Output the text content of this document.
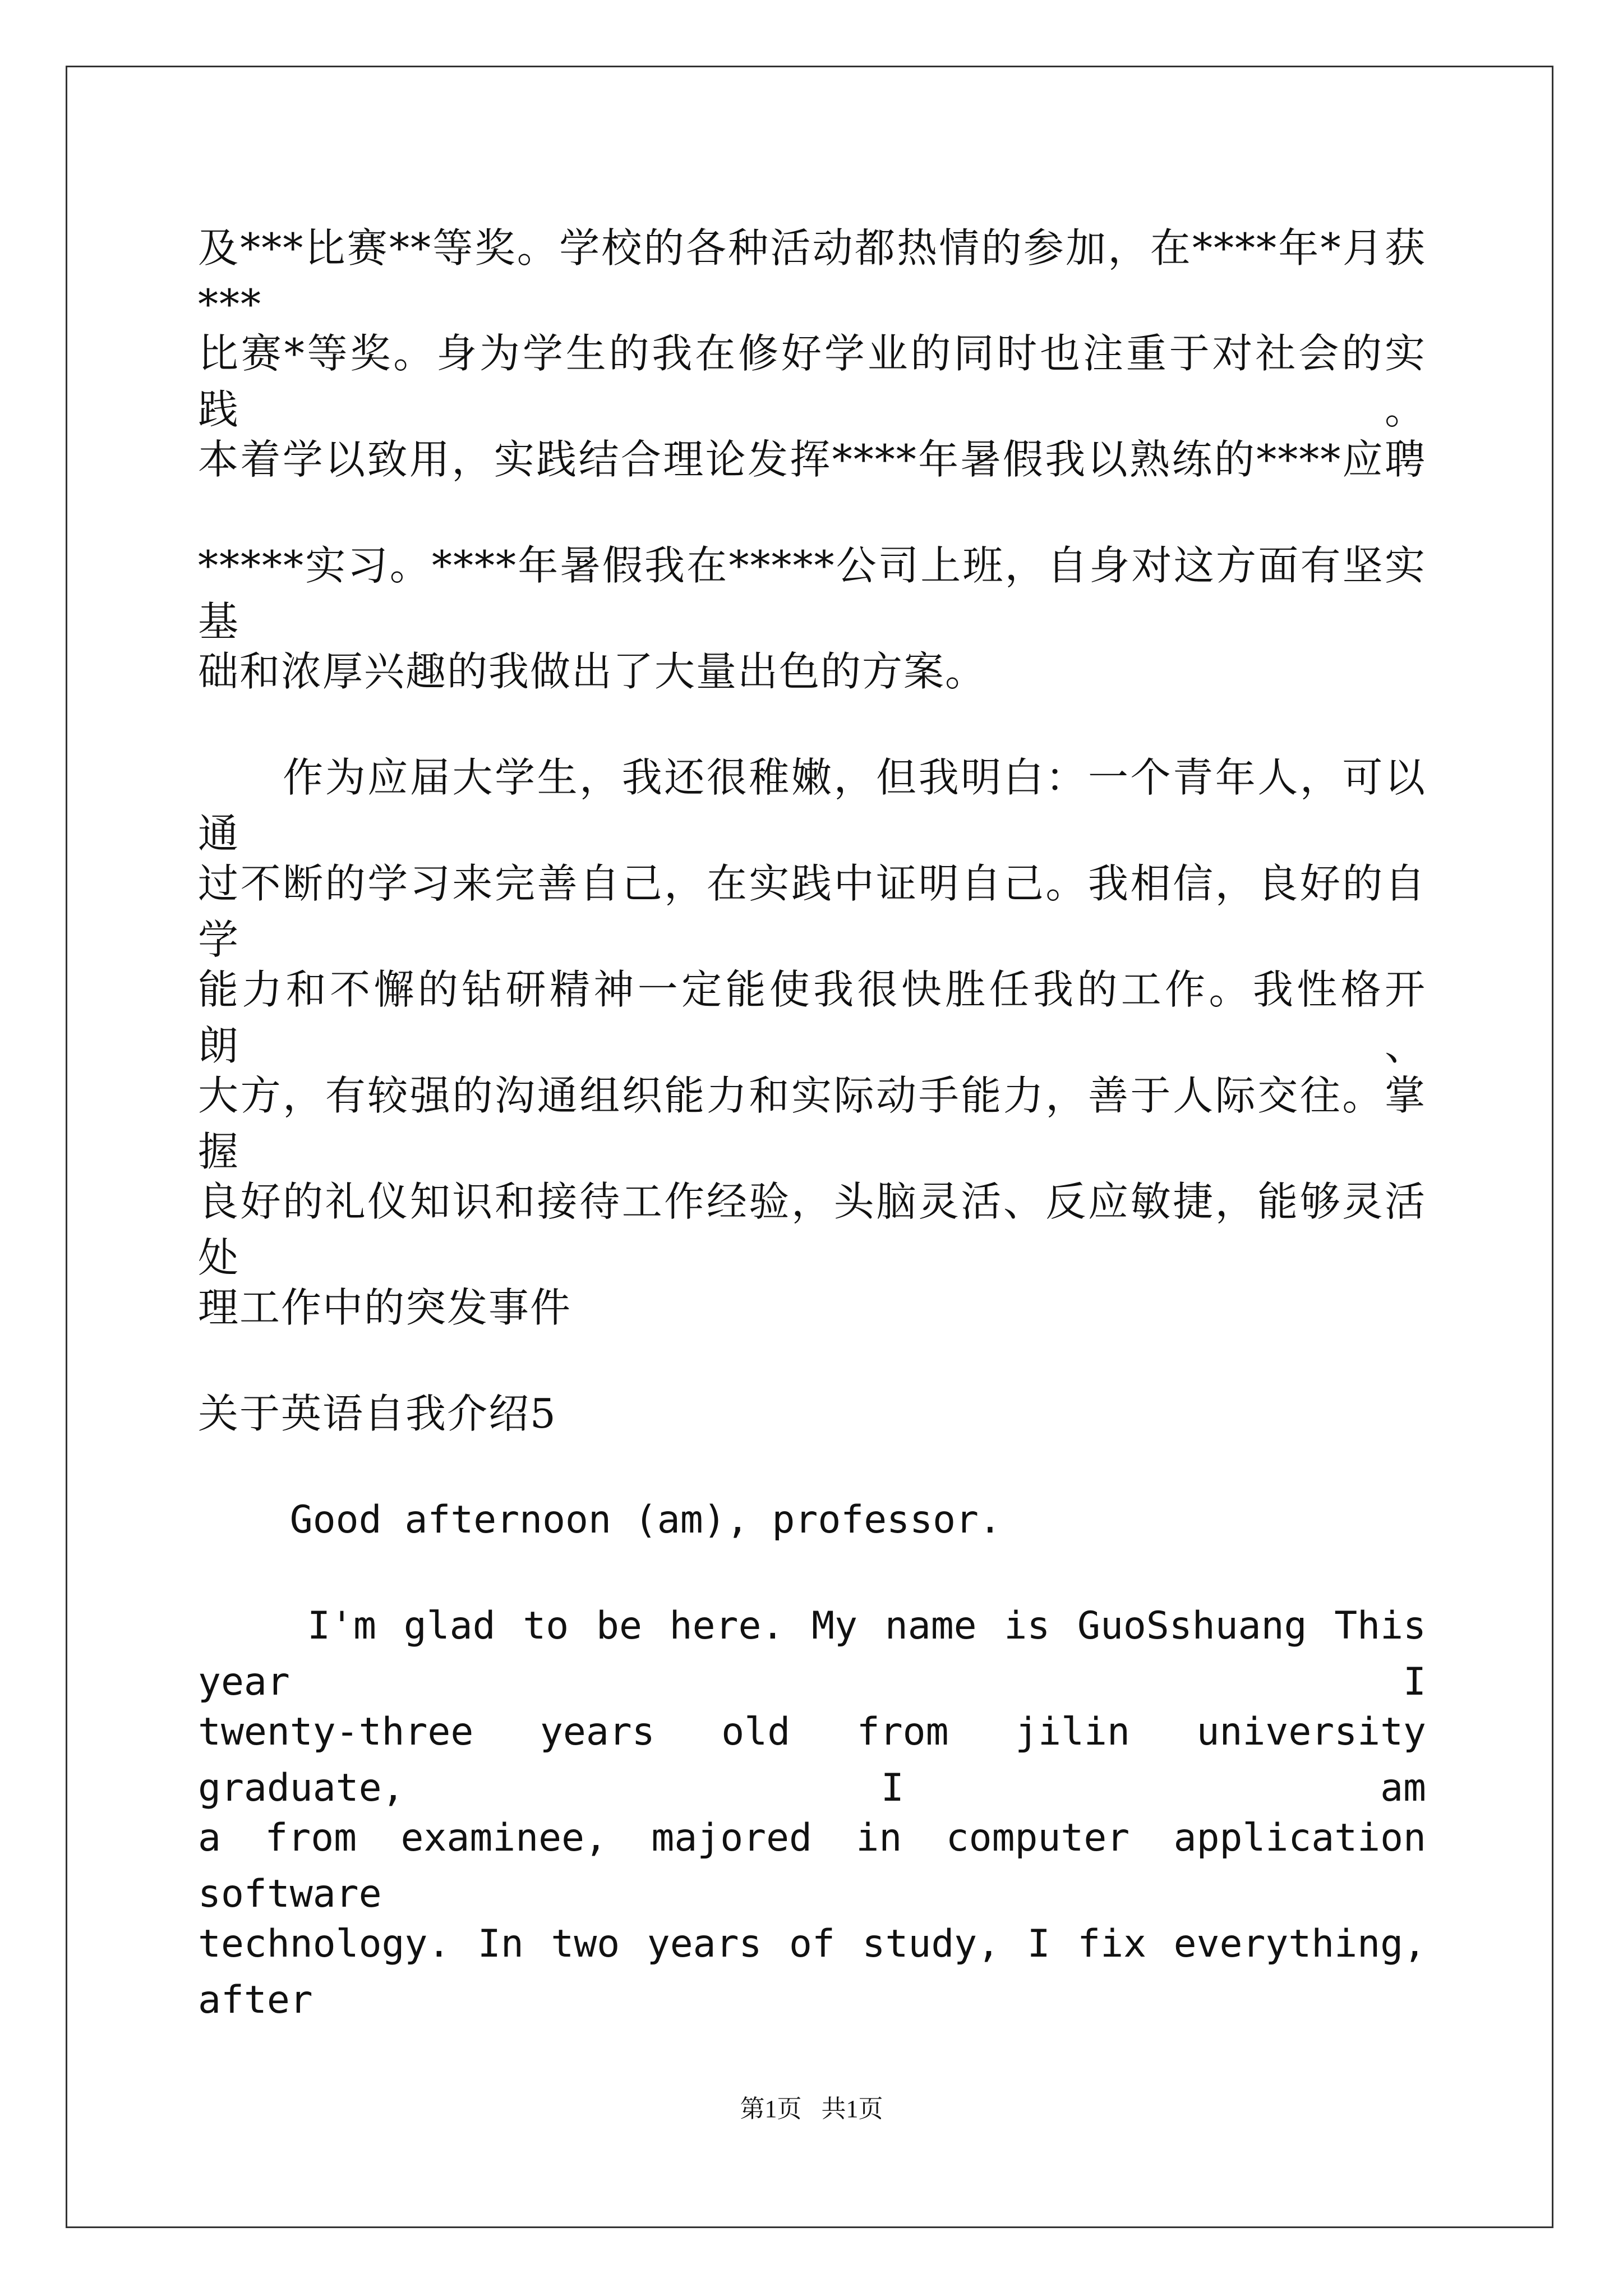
及***比赛**等奖。学校的各种活动都热情的参加，在****年*月获***
比赛*等奖。身为学生的我在修好学业的同时也注重于对社会的实践。
本着学以致用，实践结合理论发挥****年暑假我以熟练的****应聘
*****实习。****年暑假我在*****公司上班，自身对这方面有坚实基
础和浓厚兴趣的我做出了大量出色的方案。
　　作为应届大学生，我还很稚嫩，但我明白：一个青年人，可以通
过不断的学习来完善自己，在实践中证明自己。我相信，良好的自学
能力和不懈的钻研精神一定能使我很快胜任我的工作。我性格开朗、
大方，有较强的沟通组织能力和实际动手能力，善于人际交往。掌握
良好的礼仪知识和接待工作经验，头脑灵活、反应敏捷，能够灵活处
理工作中的突发事件
关于英语自我介绍5
Good afternoon (am), professor.
I'm glad to be here. My name is GuoSshuang This year I
twenty-three years old from jilin university graduate, I am
a from examinee, majored in computer application software
technology. In two years of study, I fix everything, after
第1页 共1页
